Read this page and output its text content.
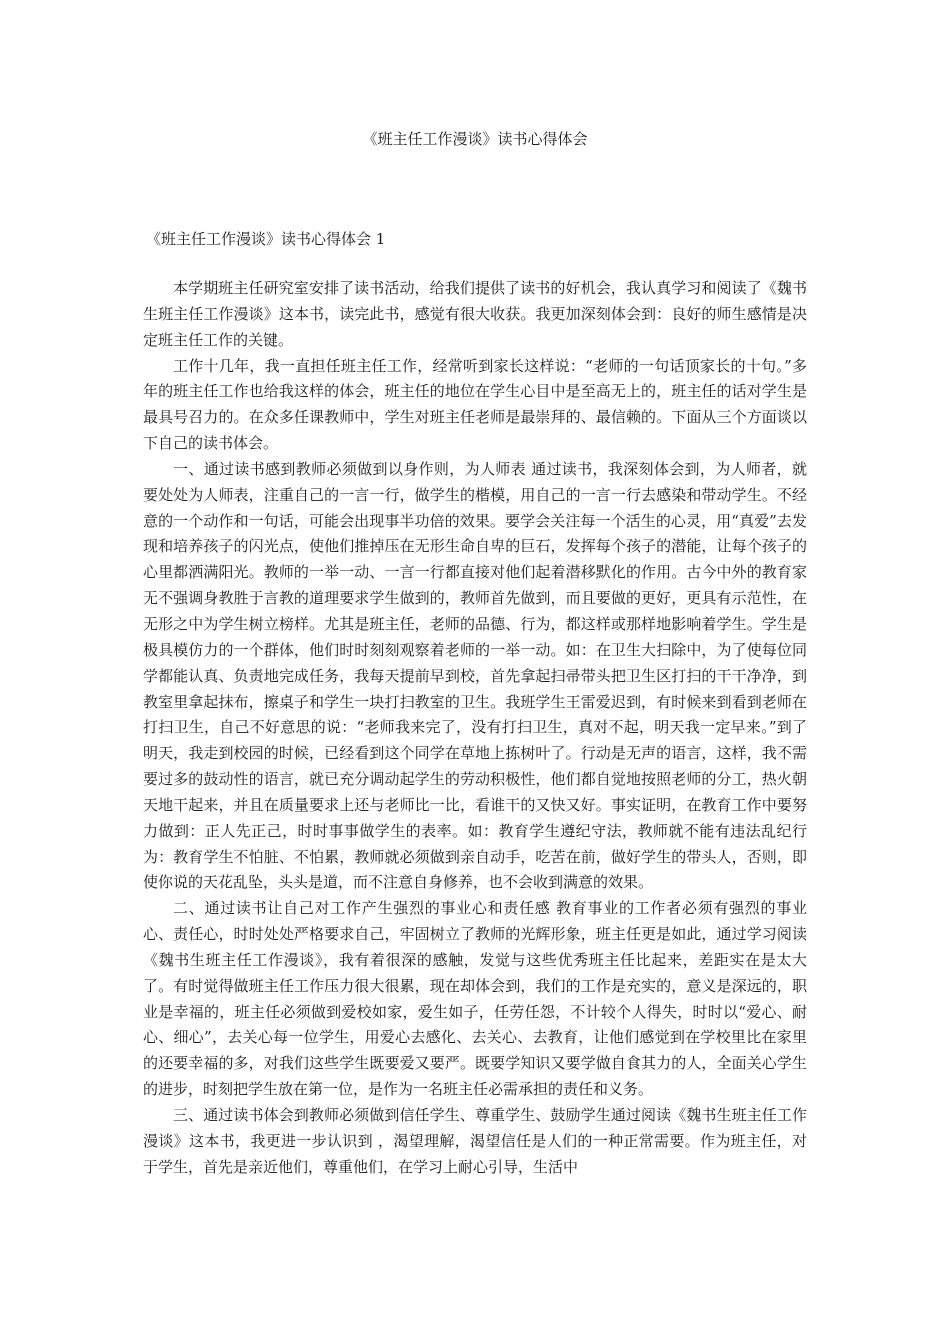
《班主任工作漫谈》读书心得体会
《班主任工作漫谈》读书心得体会 1

本学期班主任研究室安排了读书活动，给我们提供了读书的好机会，我认真学习和阅读了《魏书生班主任工作漫谈》这本书，读完此书，感觉有很大收获。我更加深刻体会到：良好的师生感情是决定班主任工作的关键。

工作十几年，我一直担任班主任工作，经常听到家长这样说：“老师的一句话顶家长的十句。”多年的班主任工作也给我这样的体会，班主任的地位在学生心目中是至高无上的，班主任的话对学生是最具号召力的。在众多任课教师中，学生对班主任老师是最崇拜的、最信赖的。下面从三个方面谈以下自己的读书体会。

一、通过读书感到教师必须做到以身作则，为人师表 通过读书，我深刻体会到，为人师者，就要处处为人师表，注重自己的一言一行，做学生的楷模，用自己的一言一行去感染和带动学生。不经意的一个动作和一句话，可能会出现事半功倍的效果。要学会关注每一个活生的心灵，用“真爱”去发现和培养孩子的闪光点，使他们推掉压在无形生命自卑的巨石，发挥每个孩子的潜能，让每个孩子的心里都洒满阳光。教师的一举一动、一言一行都直接对他们起着潜移默化的作用。古今中外的教育家无不强调身教胜于言教的道理要求学生做到的，教师首先做到，而且要做的更好，更具有示范性，在无形之中为学生树立榜样。尤其是班主任，老师的品德、行为，都这样或那样地影响着学生。学生是极具模仿力的一个群体，他们时时刻刻观察着老师的一举一动。如：在卫生大扫除中，为了使每位同学都能认真、负责地完成任务，我每天提前早到校，首先拿起扫帚带头把卫生区打扫的干干净净，到教室里拿起抹布，擦桌子和学生一块打扫教室的卫生。我班学生王雷爱迟到，有时候来到看到老师在打扫卫生，自己不好意思的说：“老师我来完了，没有打扫卫生，真对不起，明天我一定早来。”到了明天，我走到校园的时候，已经看到这个同学在草地上拣树叶了。行动是无声的语言，这样，我不需要过多的鼓动性的语言，就已充分调动起学生的劳动积极性，他们都自觉地按照老师的分工，热火朝天地干起来，并且在质量要求上还与老师比一比，看谁干的又快又好。事实证明，在教育工作中要努力做到：正人先正己，时时事事做学生的表率。如：教育学生遵纪守法，教师就不能有违法乱纪行为：教育学生不怕脏、不怕累，教师就必须做到亲自动手，吃苦在前，做好学生的带头人，否则，即使你说的天花乱坠，头头是道，而不注意自身修养，也不会收到满意的效果。

二、通过读书让自己对工作产生强烈的事业心和责任感 教育事业的工作者必须有强烈的事业心、责任心，时时处处严格要求自己，牢固树立了教师的光辉形象，班主任更是如此，通过学习阅读《魏书生班主任工作漫谈》，我有着很深的感触，发觉与这些优秀班主任比起来，差距实在是太大了。有时觉得做班主任工作压力很大很累，现在却体会到，我们的工作是充实的，意义是深远的，职业是幸福的，班主任必须做到爱校如家，爱生如子，任劳任怨，不计较个人得失，时时以“爱心、耐心、细心”，去关心每一位学生，用爱心去感化、去关心、去教育，让他们感觉到在学校里比在家里的还要幸福的多，对我们这些学生既要爱又要严。既要学知识又要学做自食其力的人，全面关心学生的进步，时刻把学生放在第一位，是作为一名班主任必需承担的责任和义务。

三、通过读书体会到教师必须做到信任学生、尊重学生、鼓励学生通过阅读《魏书生班主任工作漫谈》这本书，我更进一步认识到 ，渴望理解，渴望信任是人们的一种正常需要。作为班主任，对于学生，首先是亲近他们，尊重他们，在学习上耐心引导，生活中
